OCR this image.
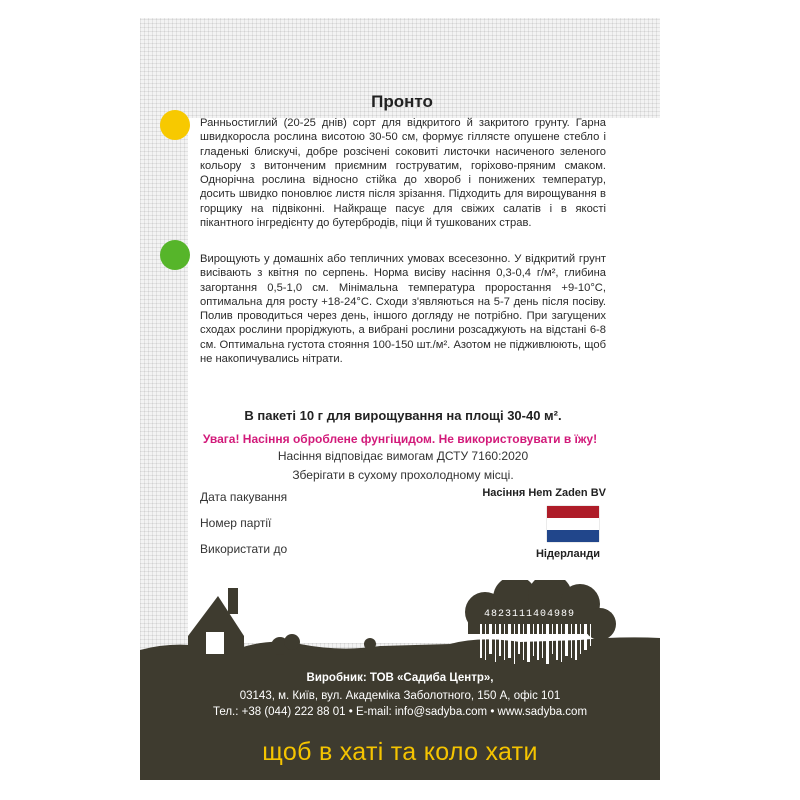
Пронто

Ранньостиглий (20-25 днів) сорт для відкритого й закритого грунту. Гарна швидкоросла рослина висотою 30-50 см, формує гіллясте опушене стебло і гладенькі блискучі, добре розсічені соковиті листочки насиченого зеленого кольору з витонченим приємним гоструватим, горіхово-пряним смаком. Однорічна рослина відносно стійка до хвороб і понижених температур, досить швидко поновлює листя після зрізання. Підходить для вирощування в горщику на підвіконні. Найкраще пасує для свіжих салатів і в якості пікантного інгредієнту до бутербродів, піци й тушкованих страв.

Вирощують у домашніх або тепличних умовах всесезонно. У відкритий грунт висівають з квітня по серпень. Норма висіву насіння 0,3-0,4 г/м², глибина загортання 0,5-1,0 см. Мінімальна температура проростання +9-10°С, оптимальна для росту +18-24°С. Сходи з'являються на 5-7 день після посіву. Полив проводиться через день, іншого догляду не потрібно. При загущених сходах рослини проріджують, а вибрані рослини розсаджують на відстані 6-8 см. Оптимальна густота стояння 100-150 шт./м². Азотом не підживлюють, щоб не накопичувались нітрати.

В пакеті 10 г для вирощування на площі 30-40 м².
Увага! Насіння оброблене фунгіцидом. Не використовувати в їжу!
Насіння відповідає вимогам ДСТУ 7160:2020
Зберігати в сухому прохолодному місці.
Насіння Hem Zaden BV
Дата пакування
Номер партії
Використати до	Нідерланди
4823111404989
Виробник: ТОВ «Садиба Центр»,
03143, м. Київ, вул. Академіка Заболотного, 150 А, офіс 101
Тел.: +38 (044) 222 88 01 • E-mail: info@sadyba.com • www.sadyba.com
щоб в хаті та коло хати
